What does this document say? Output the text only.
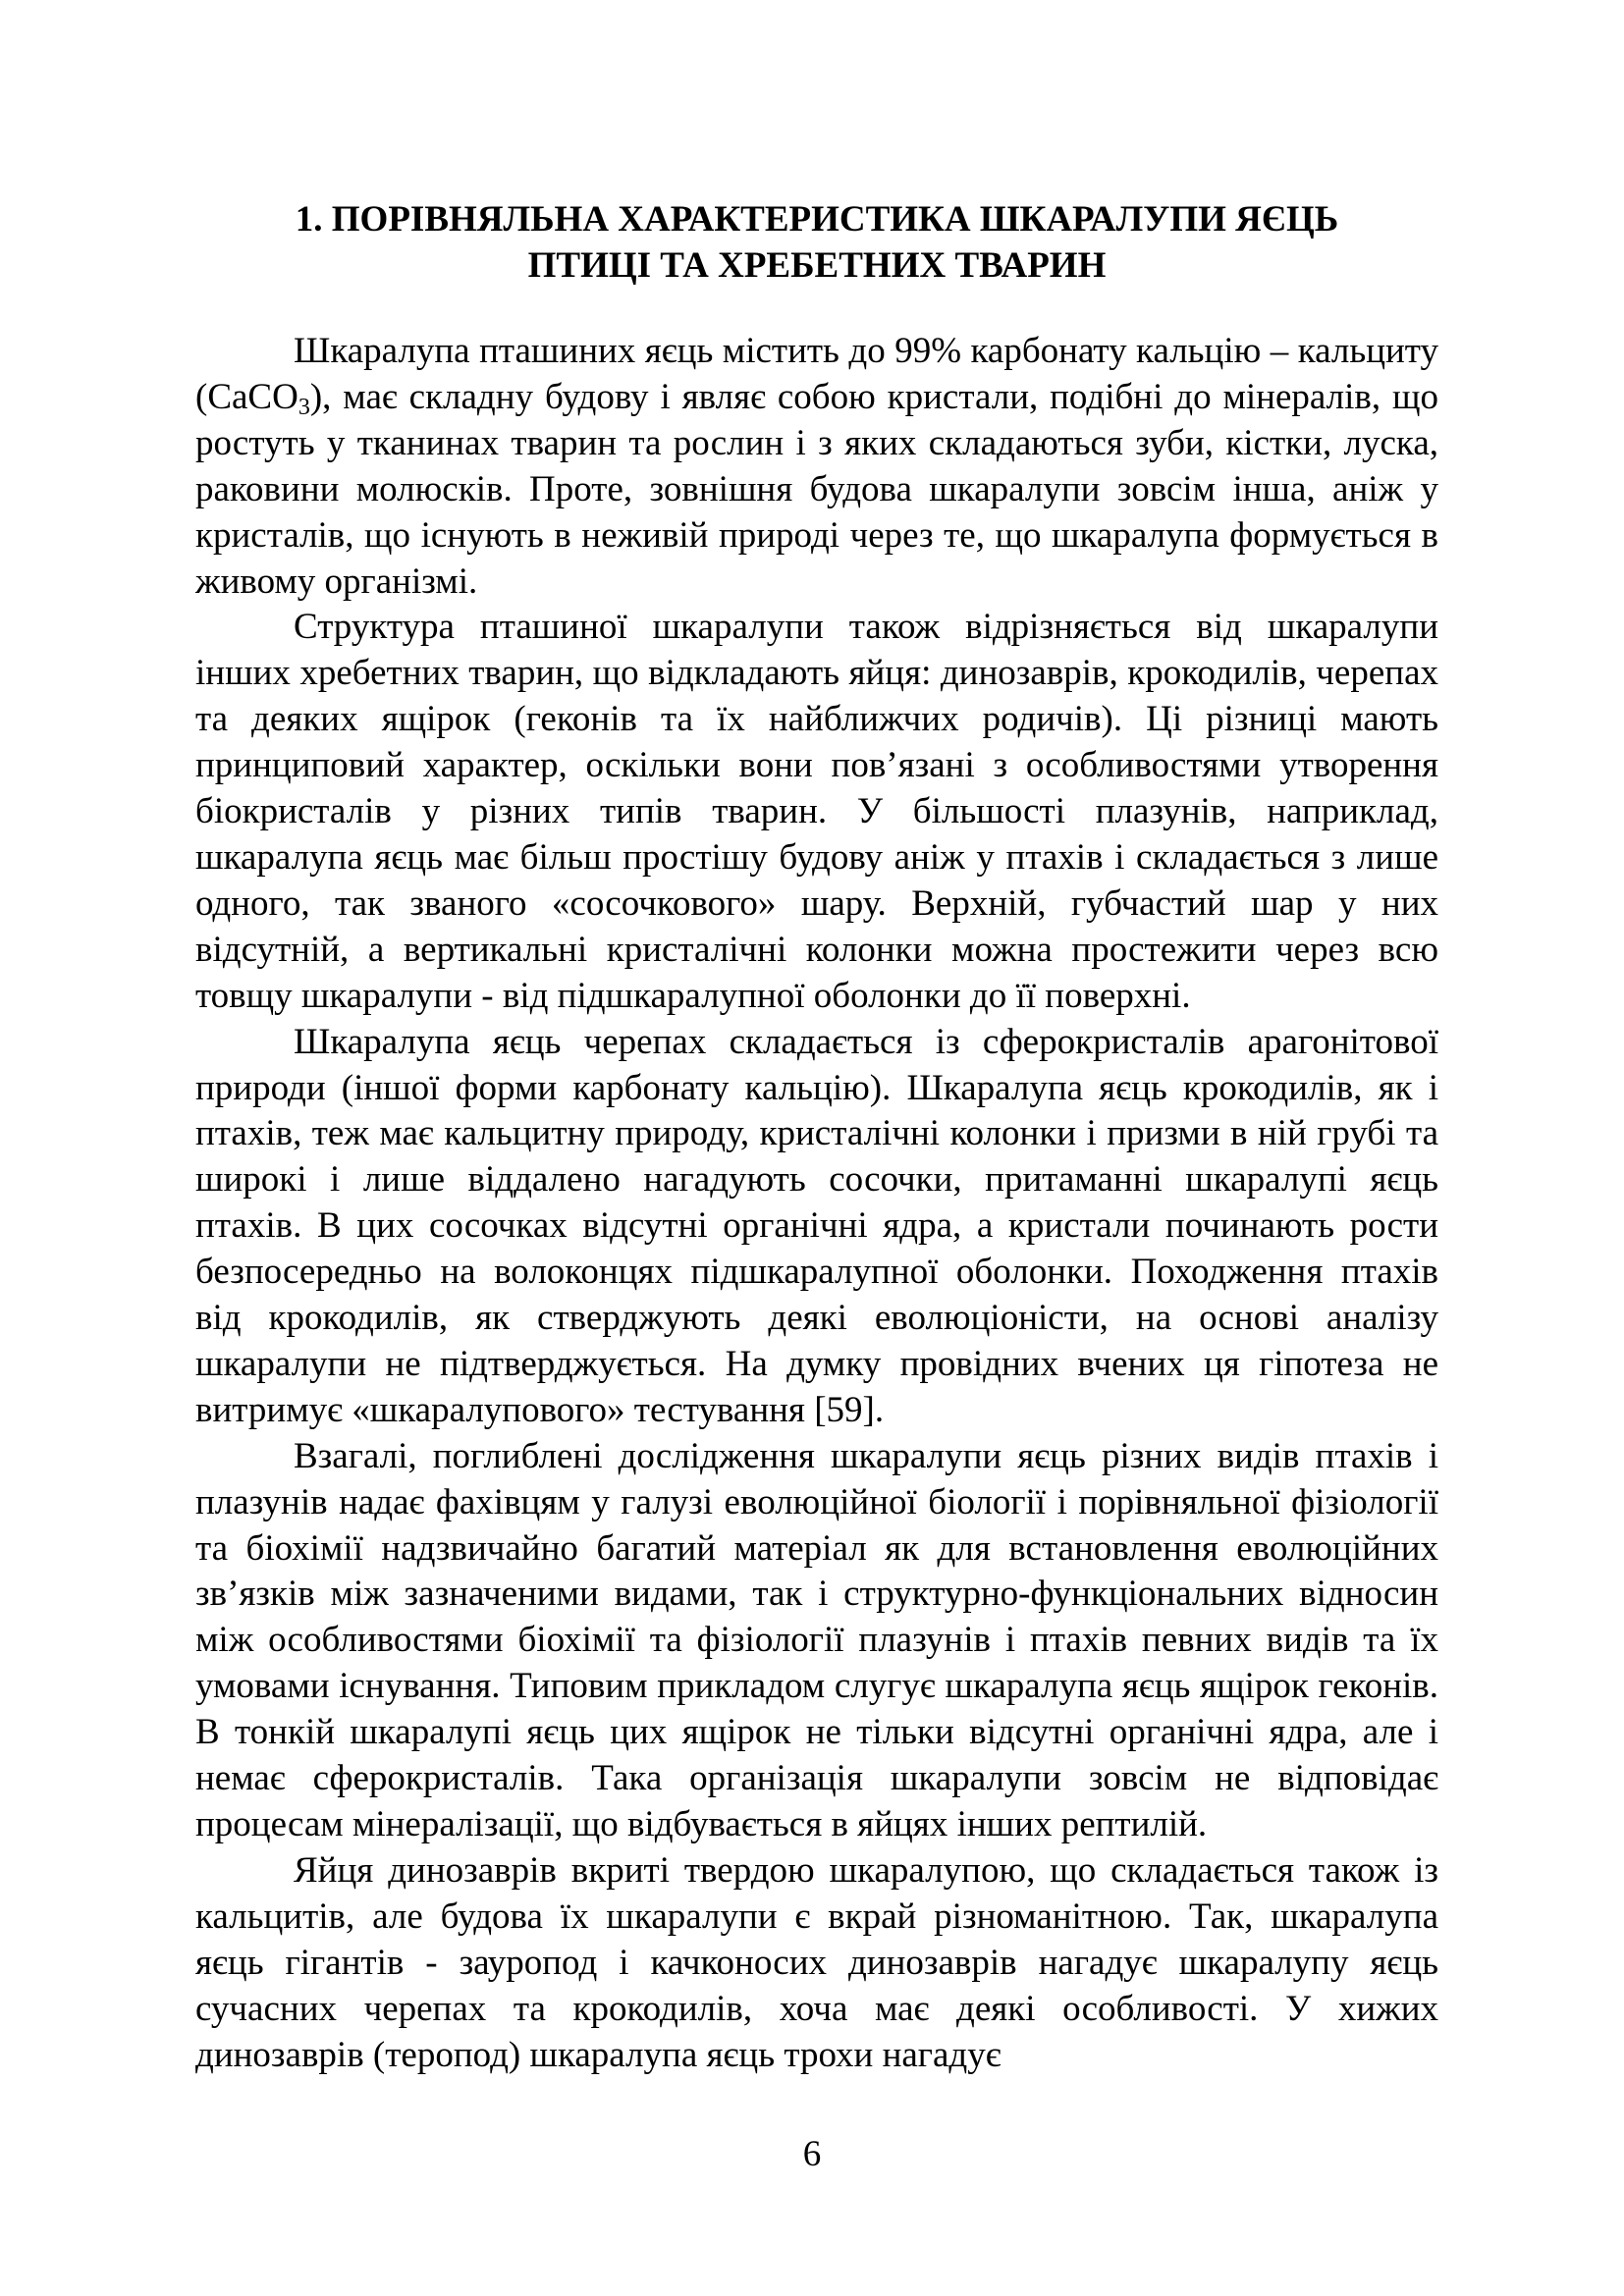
1. ПОРІВНЯЛЬНА ХАРАКТЕРИСТИКА ШКАРАЛУПИ ЯЄЦЬ
ПТИЦІ ТА ХРЕБЕТНИХ ТВАРИН

Шкаралупа пташиних яєць містить до 99% карбонату кальцію – кальциту (CaCO$_3$), має складну будову і являє собою кристали, подібні до мінералів, що ростуть у тканинах тварин та рослин і з яких складаються зуби, кістки, луска, раковини молюсків. Проте, зовнішня будова шкаралупи зовсім інша, аніж у кристалів, що існують в неживій природі через те, що шкаралупа формується в живому організмі.

Структура пташиної шкаралупи також відрізняється від шкаралупи інших хребетних тварин, що відкладають яйця: динозаврів, крокодилів, черепах та деяких ящірок (геконів та їх найближчих родичів). Ці різниці мають принциповий характер, оскільки вони пов’язані з особливостями утворення біокристалів у різних типів тварин. У більшості плазунів, наприклад, шкаралупа яєць має більш простішу будову аніж у птахів і складається з лише одного, так званого «сосочкового» шару. Верхній, губчастий шар у них відсутній, а вертикальні кристалічні колонки можна простежити через всю товщу шкаралупи - від підшкаралупної оболонки до її поверхні.

Шкаралупа яєць черепах складається із сферокристалів арагонітової природи (іншої форми карбонату кальцію). Шкаралупа яєць крокодилів, як і птахів, теж має кальцитну природу, кристалічні колонки і призми в ній грубі та широкі і лише віддалено нагадують сосочки, притаманні шкаралупі яєць птахів. В цих сосочках відсутні органічні ядра, а кристали починають рости безпосередньо на волоконцях підшкаралупної оболонки. Походження птахів від крокодилів, як стверджують деякі еволюціоністи, на основі аналізу шкаралупи не підтверджується. На думку провідних вчених ця гіпотеза не витримує «шкаралупового» тестування [59].

Взагалі, поглиблені дослідження шкаралупи яєць різних видів птахів і плазунів надає фахівцям у галузі еволюційної біології і порівняльної фізіології та біохімії надзвичайно багатий матеріал як для встановлення еволюційних зв’язків між зазначеними видами, так і структурно-функціональних відносин між особливостями біохімії та фізіології плазунів і птахів певних видів та їх умовами існування. Типовим прикладом слугує шкаралупа яєць ящірок геконів. В тонкій шкаралупі яєць цих ящірок не тільки відсутні органічні ядра, але і немає сферокристалів. Така організація шкаралупи зовсім не відповідає процесам мінералізації, що відбувається в яйцях інших рептилій.

Яйця динозаврів вкриті твердою шкаралупою, що складається також із кальцитів, але будова їх шкаралупи є вкрай різноманітною. Так, шкаралупа яєць гігантів - зауропод і качконосих динозаврів нагадує шкаралупу яєць сучасних черепах та крокодилів, хоча має деякі особливості. У хижих динозаврів (теропод) шкаралупа яєць трохи нагадує

6
